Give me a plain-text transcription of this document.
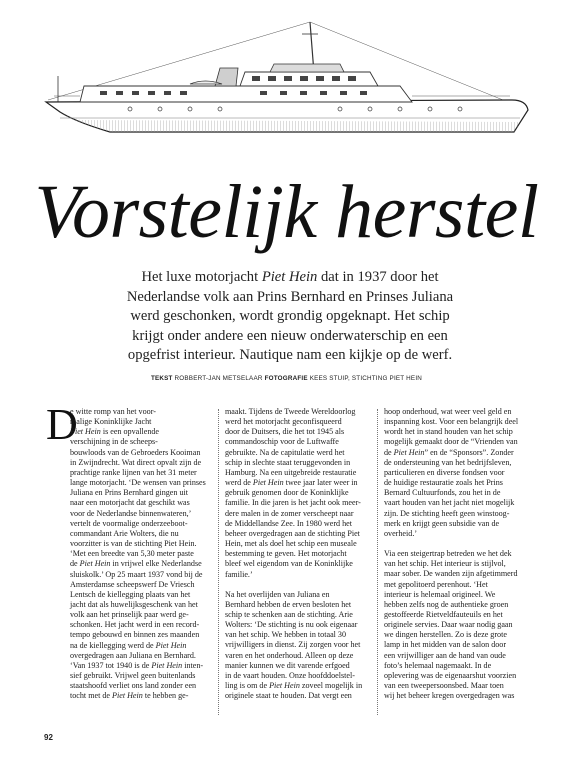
Vorstelijk herstel
Het luxe motorjacht Piet Hein dat in 1937 door het
Nederlandse volk aan Prins Bernhard en Prinses Juliana
werd geschonken, wordt grondig opgeknapt. Het schip
krijgt onder andere een nieuw onderwaterschip en een
opgefrist interieur. Nautique nam een kijkje op de werf.
TEKST ROBBERT-JAN METSELAAR FOTOGRAFIE KEES STUIP, STICHTING PIET HEIN
D
e witte romp van het voor-
malige Koninklijke Jacht
Piet Hein is een opvallende
verschijning in de scheeps-
bouwloods van de Gebroeders Kooiman
in Zwijndrecht. Wat direct opvalt zijn de
prachtige ranke lijnen van het 31 meter
lange motorjacht. ‘De wensen van prinses
Juliana en Prins Bernhard gingen uit
naar een motorjacht dat geschikt was
voor de Nederlandse binnenwateren,’
vertelt de voormalige onderzeeboot-
commandant Arie Wolters, die nu
voorzitter is van de stichting Piet Hein.
‘Met een breedte van 5,30 meter paste
de Piet Hein in vrijwel elke Nederlandse
sluiskolk.’ Op 25 maart 1937 vond bij de
Amsterdamse scheepswerf De Vriesch
Lentsch de kiellegging plaats van het
jacht dat als huwelijksgeschenk van het
volk aan het prinselijk paar werd ge-
schonken. Het jacht werd in een record-
tempo gebouwd en binnen zes maanden
na de kiellegging werd de Piet Hein
overgedragen aan Juliana en Bernhard.
‘Van 1937 tot 1940 is de Piet Hein inten-
sief gebruikt. Vrijwel geen buitenlands
staatshoofd verliet ons land zonder een
tocht met de Piet Hein te hebben ge-
maakt. Tijdens de Tweede Wereldoorlog
werd het motorjacht geconfisqueerd
door de Duitsers, die het tot 1945 als
commandoschip voor de Luftwaffe
gebruikte. Na de capitulatie werd het
schip in slechte staat teruggevonden in
Hamburg. Na een uitgebreide restauratie
werd de Piet Hein twee jaar later weer in
gebruik genomen door de Koninklijke
familie. In die jaren is het jacht ook meer-
dere malen in de zomer verscheept naar
de Middellandse Zee. In 1980 werd het
beheer overgedragen aan de stichting Piet
Hein, met als doel het schip een museale
bestemming te geven. Het motorjacht
bleef wel eigendom van de Koninklijke
familie.’
Na het overlijden van Juliana en
Bernhard hebben de erven besloten het
schip te schenken aan de stichting. Arie
Wolters: ‘De stichting is nu ook eigenaar
van het schip. We hebben in totaal 30
vrijwilligers in dienst. Zij zorgen voor het
varen en het onderhoud. Alleen op deze
manier kunnen we dit varende erfgoed
in de vaart houden. Onze hoofddoelstel-
ling is om de Piet Hein zoveel mogelijk in
originele staat te houden. Dat vergt een
hoop onderhoud, wat weer veel geld en
inspanning kost. Voor een belangrijk deel
wordt het in stand houden van het schip
mogelijk gemaakt door de “Vrienden van
de Piet Hein” en de “Sponsors”. Zonder
de ondersteuning van het bedrijfsleven,
particulieren en diverse fondsen voor
de huidige restauratie zoals het Prins
Bernard Cultuurfonds, zou het in de
vaart houden van het jacht niet mogelijk
zijn. De stichting heeft geen winstoog-
merk en krijgt geen subsidie van de
overheid.’
Via een steigertrap betreden we het dek
van het schip. Het interieur is stijlvol,
maar sober. De wanden zijn afgetimmerd
met gepolitoerd perenhout. ‘Het
interieur is helemaal origineel. We
hebben zelfs nog de authentieke groen
gestoffeerde Rietveldfauteuils en het
originele servies. Daar waar nodig gaan
we dingen herstellen. Zo is deze grote
lamp in het midden van de salon door
een vrijwilliger aan de hand van oude
foto’s helemaal nagemaakt. In de
oplevering was de eigenaarshut voorzien
van een tweepersoonsbed. Maar toen
wij het beheer kregen overgedragen was
92
